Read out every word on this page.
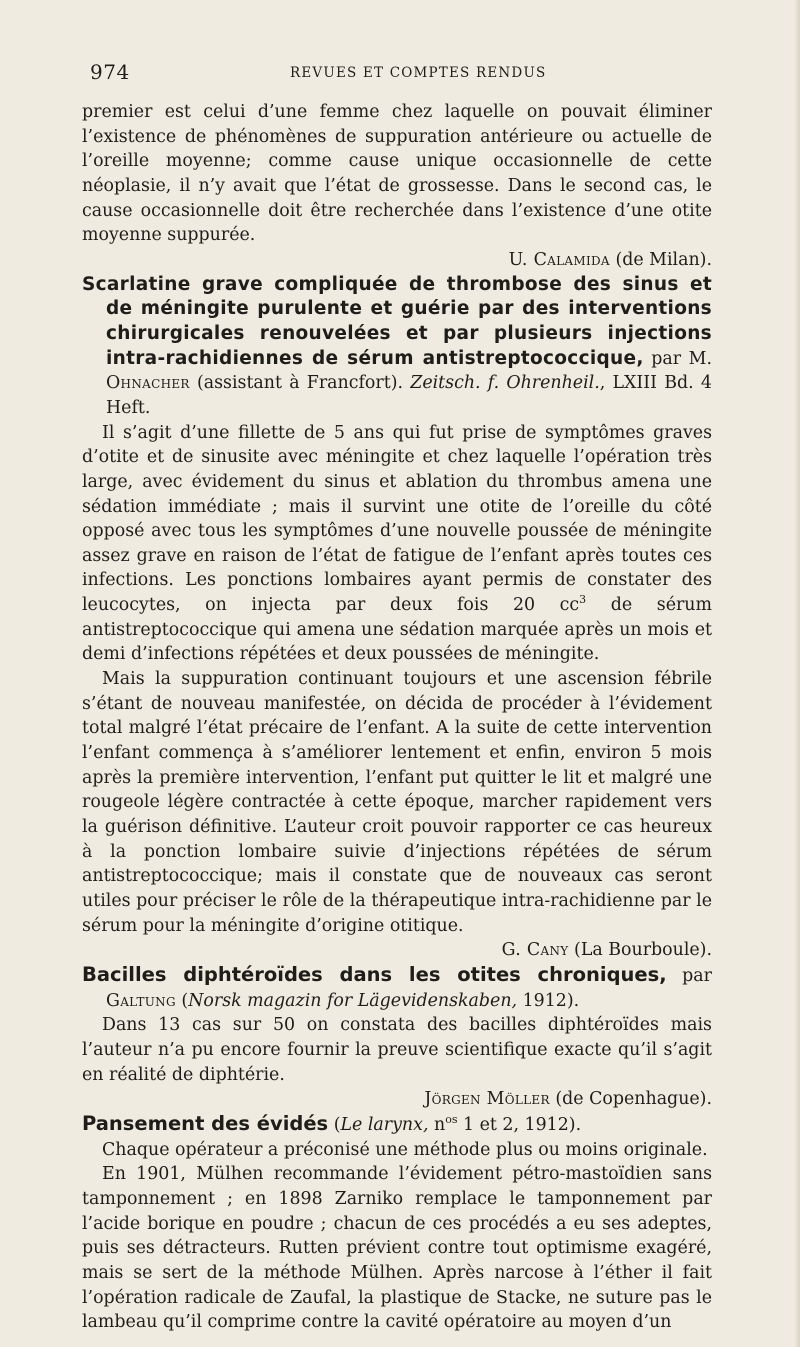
974	REVUES ET COMPTES RENDUS

premier est celui d’une femme chez laquelle on pouvait éliminer l’existence de phénomènes de suppuration antérieure ou actuelle de l’oreille moyenne; comme cause unique occasionnelle de cette néoplasie, il n’y avait que l’état de grossesse. Dans le second cas, le cause occasionnelle doit être recherchée dans l’existence d’une otite moyenne suppurée.

U. Calamida (de Milan).

Scarlatine grave compliquée de thrombose des sinus et de méningite purulente et guérie par des interventions chirurgicales renouvelées et par plusieurs injections intra-rachidiennes de sérum antistreptococcique, par M. Ohnacher (assistant à Francfort). Zeitsch. f. Ohrenheil., LXIII Bd. 4 Heft.

Il s’agit d’une fillette de 5 ans qui fut prise de symptômes graves d’otite et de sinusite avec méningite et chez laquelle l’opération très large, avec évidement du sinus et ablation du thrombus amena une sédation immédiate ; mais il survint une otite de l’oreille du côté opposé avec tous les symptômes d’une nouvelle poussée de méningite assez grave en raison de l’état de fatigue de l’enfant après toutes ces infections. Les ponctions lombaires ayant permis de constater des leucocytes, on injecta par deux fois 20 $cc^3$ de sérum antistreptococcique qui amena une sédation marquée après un mois et demi d’infections répétées et deux poussées de méningite.

Mais la suppuration continuant toujours et une ascension fébrile s’étant de nouveau manifestée, on décida de procéder à l’évidement total malgré l’état précaire de l’enfant. A la suite de cette intervention l’enfant commença à s’améliorer lentement et enfin, environ 5 mois après la première intervention, l’enfant put quitter le lit et malgré une rougeole légère contractée à cette époque, marcher rapidement vers la guérison définitive. L’auteur croit pouvoir rapporter ce cas heureux à la ponction lombaire suivie d’injections répétées de sérum antistreptococcique; mais il constate que de nouveaux cas seront utiles pour préciser le rôle de la thérapeutique intra-rachidienne par le sérum pour la méningite d’origine otitique.

G. Cany (La Bourboule).

Bacilles diphtéroïdes dans les otites chroniques, par Galtung (Norsk magazin for Lägevidenskaben, 1912).

Dans 13 cas sur 50 on constata des bacilles diphtéroïdes mais l’auteur n’a pu encore fournir la preuve scientifique exacte qu’il s’agit en réalité de diphtérie.

Jörgen Möller (de Copenhague).

Pansement des évidés (Le larynx, $n^{os}$ 1 et 2, 1912).

Chaque opérateur a préconisé une méthode plus ou moins originale.

En 1901, Mülhen recommande l’évidement pétro-mastoïdien sans tamponnement ; en 1898 Zarniko remplace le tamponnement par l’acide borique en poudre ; chacun de ces procédés a eu ses adeptes, puis ses détracteurs. Rutten prévient contre tout optimisme exagéré, mais se sert de la méthode Mülhen. Après narcose à l’éther il fait l’opération radicale de Zaufal, la plastique de Stacke, ne suture pas le lambeau qu’il comprime contre la cavité opératoire au moyen d’un
